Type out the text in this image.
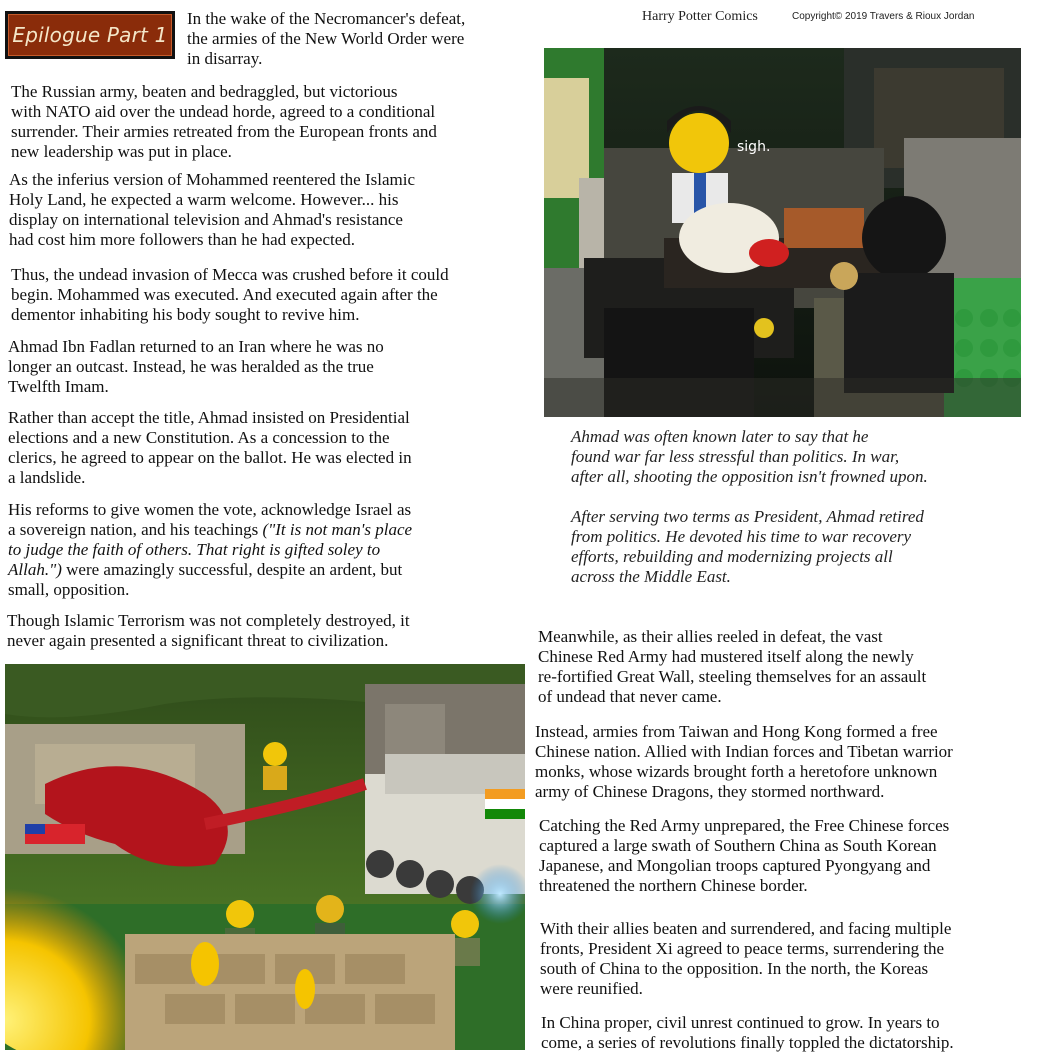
Epilogue Part 1
Harry Potter Comics	Copyright© 2019 Travers & Rioux Jordan
In the wake of the Necromancer's defeat,
the armies of the New World Order were
in disarray.
The Russian army, beaten and bedraggled, but victorious
with NATO aid over the undead horde, agreed to a conditional
surrender. Their armies retreated from the European fronts and
new leadership was put in place.
As the inferius version of Mohammed reentered the Islamic
Holy Land, he expected a warm welcome. However... his
display on international television and Ahmad's resistance
had cost him more followers than he had expected.
Thus, the undead invasion of Mecca was crushed before it could
begin. Mohammed was executed. And executed again after the
dementor inhabiting his body sought to revive him.
Ahmad Ibn Fadlan returned to an Iran where he was no
longer an outcast. Instead, he was heralded as the true
Twelfth Imam.
Rather than accept the title, Ahmad insisted on Presidential
elections and a new Constitution. As a concession to the
clerics, he agreed to appear on the ballot. He was elected in
a landslide.
His reforms to give women the vote, acknowledge Israel as
a sovereign nation, and his teachings ("It is not man's place
to judge the faith of others. That right is gifted soley to
Allah.") were amazingly successful, despite an ardent, but
small, opposition.
Though Islamic Terrorism was not completely destroyed, it
never again presented a significant threat to civilization.
sigh.
Ahmad was often known later to say that he
found war far less stressful than politics. In war,
after all, shooting the opposition isn't frowned upon.
After serving two terms as President, Ahmad retired
from politics. He devoted his time to war recovery
efforts, rebuilding and modernizing projects all
across the Middle East.
Meanwhile, as their allies reeled in defeat, the vast
Chinese Red Army had mustered itself along the newly
re-fortified Great Wall, steeling themselves for an assault
of undead that never came.
Instead, armies from Taiwan and Hong Kong formed a free
Chinese nation. Allied with Indian forces and Tibetan warrior
monks, whose wizards brought forth a heretofore unknown
army of Chinese Dragons, they stormed northward.
Catching the Red Army unprepared, the Free Chinese forces
captured a large swath of Southern China as South Korean
Japanese, and Mongolian troops captured Pyongyang and
threatened the northern Chinese border.
With their allies beaten and surrendered, and facing multiple
fronts, President Xi agreed to peace terms, surrendering the
south of China to the opposition. In the north, the Koreas
were reunified.
In China proper, civil unrest continued to grow. In years to
come, a series of revolutions finally toppled the dictatorship.
